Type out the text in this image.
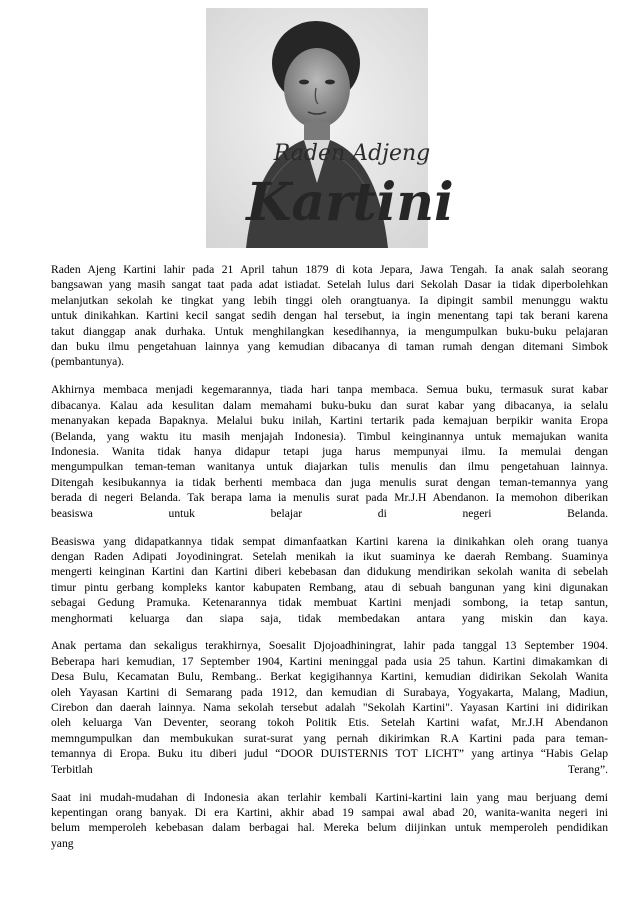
Raden Adjeng
Kartini

Raden Ajeng Kartini lahir pada 21 April tahun 1879 di kota Jepara, Jawa Tengah. Ia anak salah seorang
bangsawan yang masih sangat taat pada adat istiadat. Setelah lulus dari Sekolah Dasar ia tidak diperbolehkan
melanjutkan sekolah ke tingkat yang lebih tinggi oleh orangtuanya. Ia dipingit sambil menunggu waktu
untuk dinikahkan. Kartini kecil sangat sedih dengan hal tersebut, ia ingin menentang tapi tak berani karena
takut dianggap anak durhaka. Untuk menghilangkan kesedihannya, ia mengumpulkan buku-buku pelajaran
dan buku ilmu pengetahuan lainnya yang kemudian dibacanya di taman rumah dengan ditemani Simbok
(pembantunya).

Akhirnya membaca menjadi kegemarannya, tiada hari tanpa membaca. Semua buku, termasuk surat kabar
dibacanya. Kalau ada kesulitan dalam memahami buku-buku dan surat kabar yang dibacanya, ia selalu
menanyakan kepada Bapaknya. Melalui buku inilah, Kartini tertarik pada kemajuan berpikir wanita Eropa
(Belanda, yang waktu itu masih menjajah Indonesia). Timbul keinginannya untuk memajukan wanita
Indonesia. Wanita tidak hanya didapur tetapi juga harus mempunyai ilmu. Ia memulai dengan
mengumpulkan teman-teman wanitanya untuk diajarkan tulis menulis dan ilmu pengetahuan lainnya.
Ditengah kesibukannya ia tidak berhenti membaca dan juga menulis surat dengan teman-temannya yang
berada di negeri Belanda. Tak berapa lama ia menulis surat pada Mr.J.H Abendanon. Ia memohon diberikan
beasiswa	untuk	belajar	di	negeri	Belanda.

Beasiswa yang didapatkannya tidak sempat dimanfaatkan Kartini karena ia dinikahkan oleh orang tuanya
dengan Raden Adipati Joyodiningrat. Setelah menikah ia ikut suaminya ke daerah Rembang. Suaminya
mengerti keinginan Kartini dan Kartini diberi kebebasan dan didukung mendirikan sekolah wanita di sebelah
timur pintu gerbang kompleks kantor kabupaten Rembang, atau di sebuah bangunan yang kini digunakan
sebagai Gedung Pramuka. Ketenarannya tidak membuat Kartini menjadi sombong, ia tetap santun,
menghormati keluarga dan siapa saja, tidak membedakan antara yang miskin dan kaya.

Anak pertama dan sekaligus terakhirnya, Soesalit Djojoadhiningrat, lahir pada tanggal 13 September 1904.
Beberapa hari kemudian, 17 September 1904, Kartini meninggal pada usia 25 tahun. Kartini dimakamkan di
Desa Bulu, Kecamatan Bulu, Rembang.. Berkat kegigihannya Kartini, kemudian didirikan Sekolah Wanita
oleh Yayasan Kartini di Semarang pada 1912, dan kemudian di Surabaya, Yogyakarta, Malang, Madiun,
Cirebon dan daerah lainnya. Nama sekolah tersebut adalah "Sekolah Kartini". Yayasan Kartini ini didirikan
oleh keluarga Van Deventer, seorang tokoh Politik Etis. Setelah Kartini wafat, Mr.J.H Abendanon
memngumpulkan dan membukukan surat-surat yang pernah dikirimkan R.A Kartini pada para teman-
temannya di Eropa. Buku itu diberi judul “DOOR DUISTERNIS TOT LICHT” yang artinya “Habis Gelap
Terbitlah	Terang”.

Saat ini mudah-mudahan di Indonesia akan terlahir kembali Kartini-kartini lain yang mau berjuang demi
kepentingan orang banyak. Di era Kartini, akhir abad 19 sampai awal abad 20, wanita-wanita negeri ini
belum memperoleh kebebasan dalam berbagai hal. Mereka belum diijinkan untuk memperoleh pendidikan
yang
